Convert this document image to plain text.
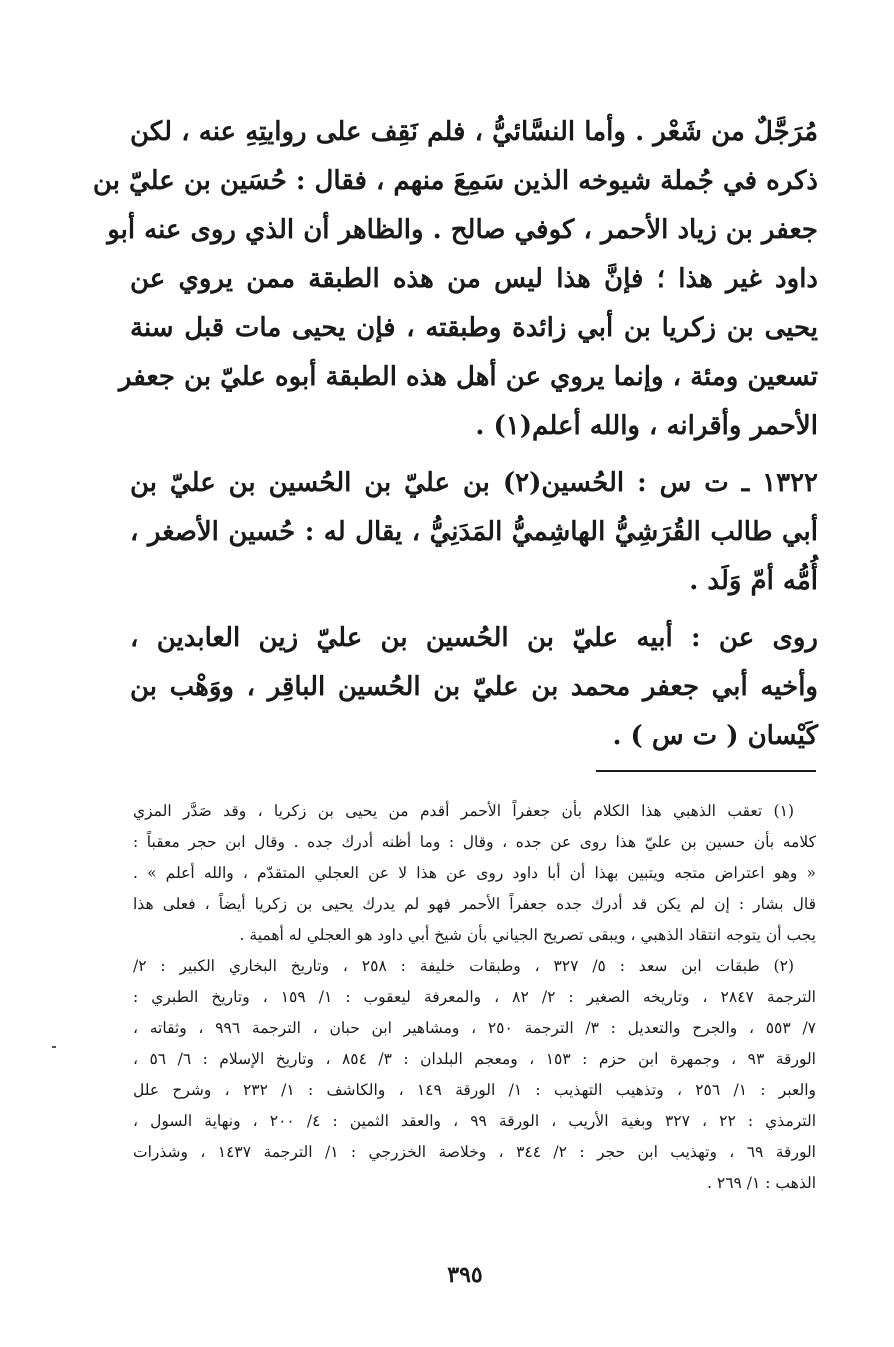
مُرَجَّلٌ من شَعْر . وأما النسَّائيُّ ، فلم نَقِف على روايتِهِ عنه ، لكن
ذكره في جُملة شيوخه الذين سَمِعَ منهم ، فقال : حُسَين بن عليّ بن
جعفر بن زياد الأحمر ، كوفي صالح . والظاهر أن الذي روى عنه أبو
داود غير هذا ؛ فإنَّ هذا ليس من هذه الطبقة ممن يروي عن
يحيى بن زكريا بن أبي زائدة وطبقته ، فإن يحيى مات قبل سنة
تسعين ومئة ، وإنما يروي عن أهل هذه الطبقة أبوه عليّ بن جعفر
الأحمر وأقرانه ، والله أعلم(١) .
١٣٢٢ ـ ت س : الحُسين(٢) بن عليّ بن الحُسين بن عليّ بن
أبي طالب القُرَشِيُّ الهاشِميُّ المَدَنِيُّ ، يقال له : حُسين الأصغر ،
أُمُّه أمّ وَلَد .
روى عن : أبيه عليّ بن الحُسين بن عليّ زين العابدين ،
وأخيه أبي جعفر محمد بن عليّ بن الحُسين الباقِر ، ووَهْب بن
كَيْسان ( ت س ) .
(١) تعقب الذهبي هذا الكلام بأن جعفراً الأحمر أقدم من يحيى بن زكريا ، وقد صَدَّر المزي
كلامه بأن حسين بن عليّ هذا روى عن جده ، وقال : وما أظنه أدرك جده . وقال ابن حجر معقباً :
« وهو اعتراض متجه ويتبين بهذا أن أبا داود روى عن هذا لا عن العجلي المتقدّم ، والله أعلم » .
قال بشار : إن لم يكن قد أدرك جده جعفراً الأحمر فهو لم يدرك يحيى بن زكريا أيضاً ، فعلى هذا
يجب أن يتوجه انتقاد الذهبي ، ويبقى تصريح الجياني بأن شيخ أبي داود هو العجلي له أهمية .
(٢) طبقات ابن سعد : ٥/ ٣٢٧ ، وطبقات خليفة : ٢٥٨ ، وتاريخ البخاري الكبير : ٢/
الترجمة ٢٨٤٧ ، وتاريخه الصغير : ٢/ ٨٢ ، والمعرفة ليعقوب : ١/ ١٥٩ ، وتاريخ الطبري :
٧/ ٥٥٣ ، والجرح والتعديل : ٣/ الترجمة ٢٥٠ ، ومشاهير ابن حبان ، الترجمة ٩٩٦ ، وثقاته ،
الورقة ٩٣ ، وجمهرة ابن حزم : ١٥٣ ، ومعجم البلدان : ٣/ ٨٥٤ ، وتاريخ الإسلام : ٦/ ٥٦ ،
والعبر : ١/ ٢٥٦ ، وتذهيب التهذيب : ١/ الورقة ١٤٩ ، والكاشف : ١/ ٢٣٢ ، وشرح علل
الترمذي : ٢٢ ، ٣٢٧ وبغية الأريب ، الورقة ٩٩ ، والعقد الثمين : ٤/ ٢٠٠ ، ونهاية السول ،
الورقة ٦٩ ، وتهذيب ابن حجر : ٢/ ٣٤٤ ، وخلاصة الخزرجي : ١/ الترجمة ١٤٣٧ ، وشذرات
الذهب : ١/ ٢٦٩ .
٣٩٥
